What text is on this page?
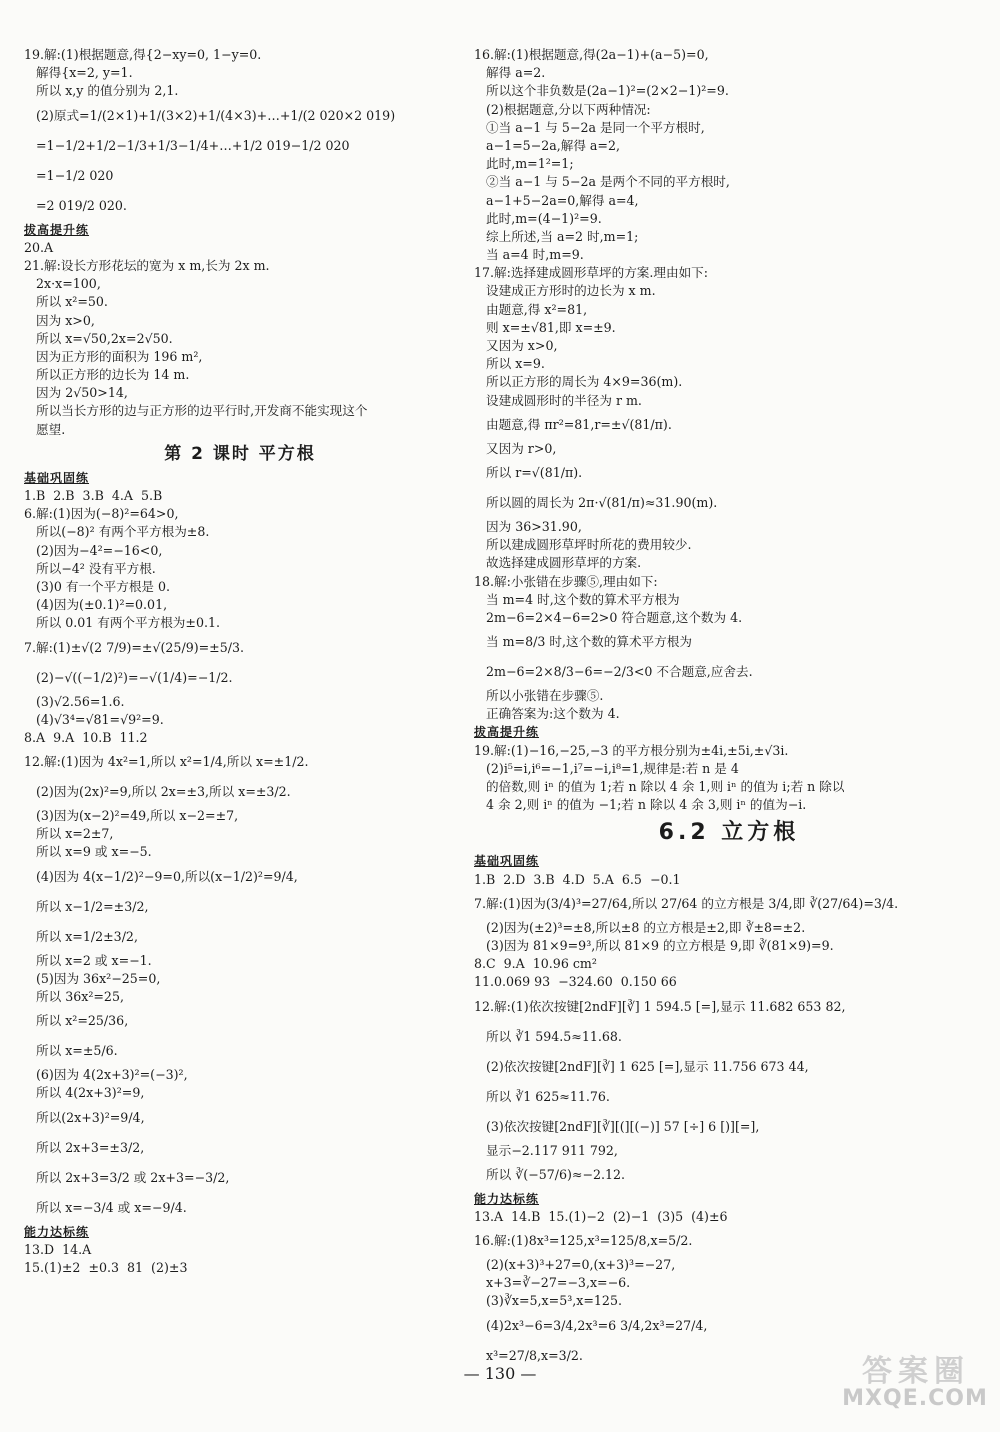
19.解:(1)根据题意,得{2−xy=0, 1−y=0.
解得{x=2, y=1.
所以 x,y 的值分别为 2,1.
(2)原式=1/(2×1)+1/(3×2)+1/(4×3)+…+1/(2 020×2 019)
=1−1/2+1/2−1/3+1/3−1/4+…+1/2 019−1/2 020
=1−1/2 020
=2 019/2 020.
拔高提升练
20.A
21.解:设长方形花坛的宽为 x m,长为 2x m.
2x·x=100,
所以 x²=50.
因为 x>0,
所以 x=√50,2x=2√50.
因为正方形的面积为 196 m²,
所以正方形的边长为 14 m.
因为 2√50>14,
所以当长方形的边与正方形的边平行时,开发商不能实现这个
愿望.
第 2 课时 平方根
基础巩固练
1.B  2.B  3.B  4.A  5.B
6.解:(1)因为(−8)²=64>0,
所以(−8)² 有两个平方根为±8.
(2)因为−4²=−16<0,
所以−4² 没有平方根.
(3)0 有一个平方根是 0.
(4)因为(±0.1)²=0.01,
所以 0.01 有两个平方根为±0.1.
7.解:(1)±√(2 7/9)=±√(25/9)=±5/3.
(2)−√((−1/2)²)=−√(1/4)=−1/2.
(3)√2.56=1.6.
(4)√3⁴=√81=√9²=9.
8.A  9.A  10.B  11.2
12.解:(1)因为 4x²=1,所以 x²=1/4,所以 x=±1/2.
(2)因为(2x)²=9,所以 2x=±3,所以 x=±3/2.
(3)因为(x−2)²=49,所以 x−2=±7,
所以 x=2±7,
所以 x=9 或 x=−5.
(4)因为 4(x−1/2)²−9=0,所以(x−1/2)²=9/4,
所以 x−1/2=±3/2,
所以 x=1/2±3/2,
所以 x=2 或 x=−1.
(5)因为 36x²−25=0,
所以 36x²=25,
所以 x²=25/36,
所以 x=±5/6.
(6)因为 4(2x+3)²=(−3)²,
所以 4(2x+3)²=9,
所以(2x+3)²=9/4,
所以 2x+3=±3/2,
所以 2x+3=3/2 或 2x+3=−3/2,
所以 x=−3/4 或 x=−9/4.
能力达标练
13.D  14.A
15.(1)±2  ±0.3  81  (2)±3
16.解:(1)根据题意,得(2a−1)+(a−5)=0,
解得 a=2.
所以这个非负数是(2a−1)²=(2×2−1)²=9.
(2)根据题意,分以下两种情况:
①当 a−1 与 5−2a 是同一个平方根时,
a−1=5−2a,解得 a=2,
此时,m=1²=1;
②当 a−1 与 5−2a 是两个不同的平方根时,
a−1+5−2a=0,解得 a=4,
此时,m=(4−1)²=9.
综上所述,当 a=2 时,m=1;
当 a=4 时,m=9.
17.解:选择建成圆形草坪的方案.理由如下:
设建成正方形时的边长为 x m.
由题意,得 x²=81,
则 x=±√81,即 x=±9.
又因为 x>0,
所以 x=9.
所以正方形的周长为 4×9=36(m).
设建成圆形时的半径为 r m.
由题意,得 πr²=81,r=±√(81/π).
又因为 r>0,
所以 r=√(81/π).
所以圆的周长为 2π·√(81/π)≈31.90(m).
因为 36>31.90,
所以建成圆形草坪时所花的费用较少.
故选择建成圆形草坪的方案.
18.解:小张错在步骤⑤,理由如下:
当 m=4 时,这个数的算术平方根为
2m−6=2×4−6=2>0 符合题意,这个数为 4.
当 m=8/3 时,这个数的算术平方根为
2m−6=2×8/3−6=−2/3<0 不合题意,应舍去.
所以小张错在步骤⑤.
正确答案为:这个数为 4.
拔高提升练
19.解:(1)−16,−25,−3 的平方根分别为±4i,±5i,±√3i.
(2)i⁵=i,i⁶=−1,i⁷=−i,i⁸=1,规律是:若 n 是 4
的倍数,则 iⁿ 的值为 1;若 n 除以 4 余 1,则 iⁿ 的值为 i;若 n 除以
4 余 2,则 iⁿ 的值为 −1;若 n 除以 4 余 3,则 iⁿ 的值为−i.
6.2 立方根
基础巩固练
1.B  2.D  3.B  4.D  5.A  6.5  −0.1
7.解:(1)因为(3/4)³=27/64,所以 27/64 的立方根是 3/4,即 ∛(27/64)=3/4.
(2)因为(±2)³=±8,所以±8 的立方根是±2,即 ∛±8=±2.
(3)因为 81×9=9³,所以 81×9 的立方根是 9,即 ∛(81×9)=9.
8.C  9.A  10.96 cm²
11.0.069 93  −324.60  0.150 66
12.解:(1)依次按键[2ndF][∛] 1 594.5 [=],显示 11.682 653 82,
所以 ∛1 594.5≈11.68.
(2)依次按键[2ndF][∛] 1 625 [=],显示 11.756 673 44,
所以 ∛1 625≈11.76.
(3)依次按键[2ndF][∛][(][(−)] 57 [÷] 6 [)][=],
显示−2.117 911 792,
所以 ∛(−57/6)≈−2.12.
能力达标练
13.A  14.B  15.(1)−2  (2)−1  (3)5  (4)±6
16.解:(1)8x³=125,x³=125/8,x=5/2.
(2)(x+3)³+27=0,(x+3)³=−27,
x+3=∛−27=−3,x=−6.
(3)∛x=5,x=5³,x=125.
(4)2x³−6=3/4,2x³=6 3/4,2x³=27/4,
x³=27/8,x=3/2.
— 130 —	答案圈
MXQE.COM
